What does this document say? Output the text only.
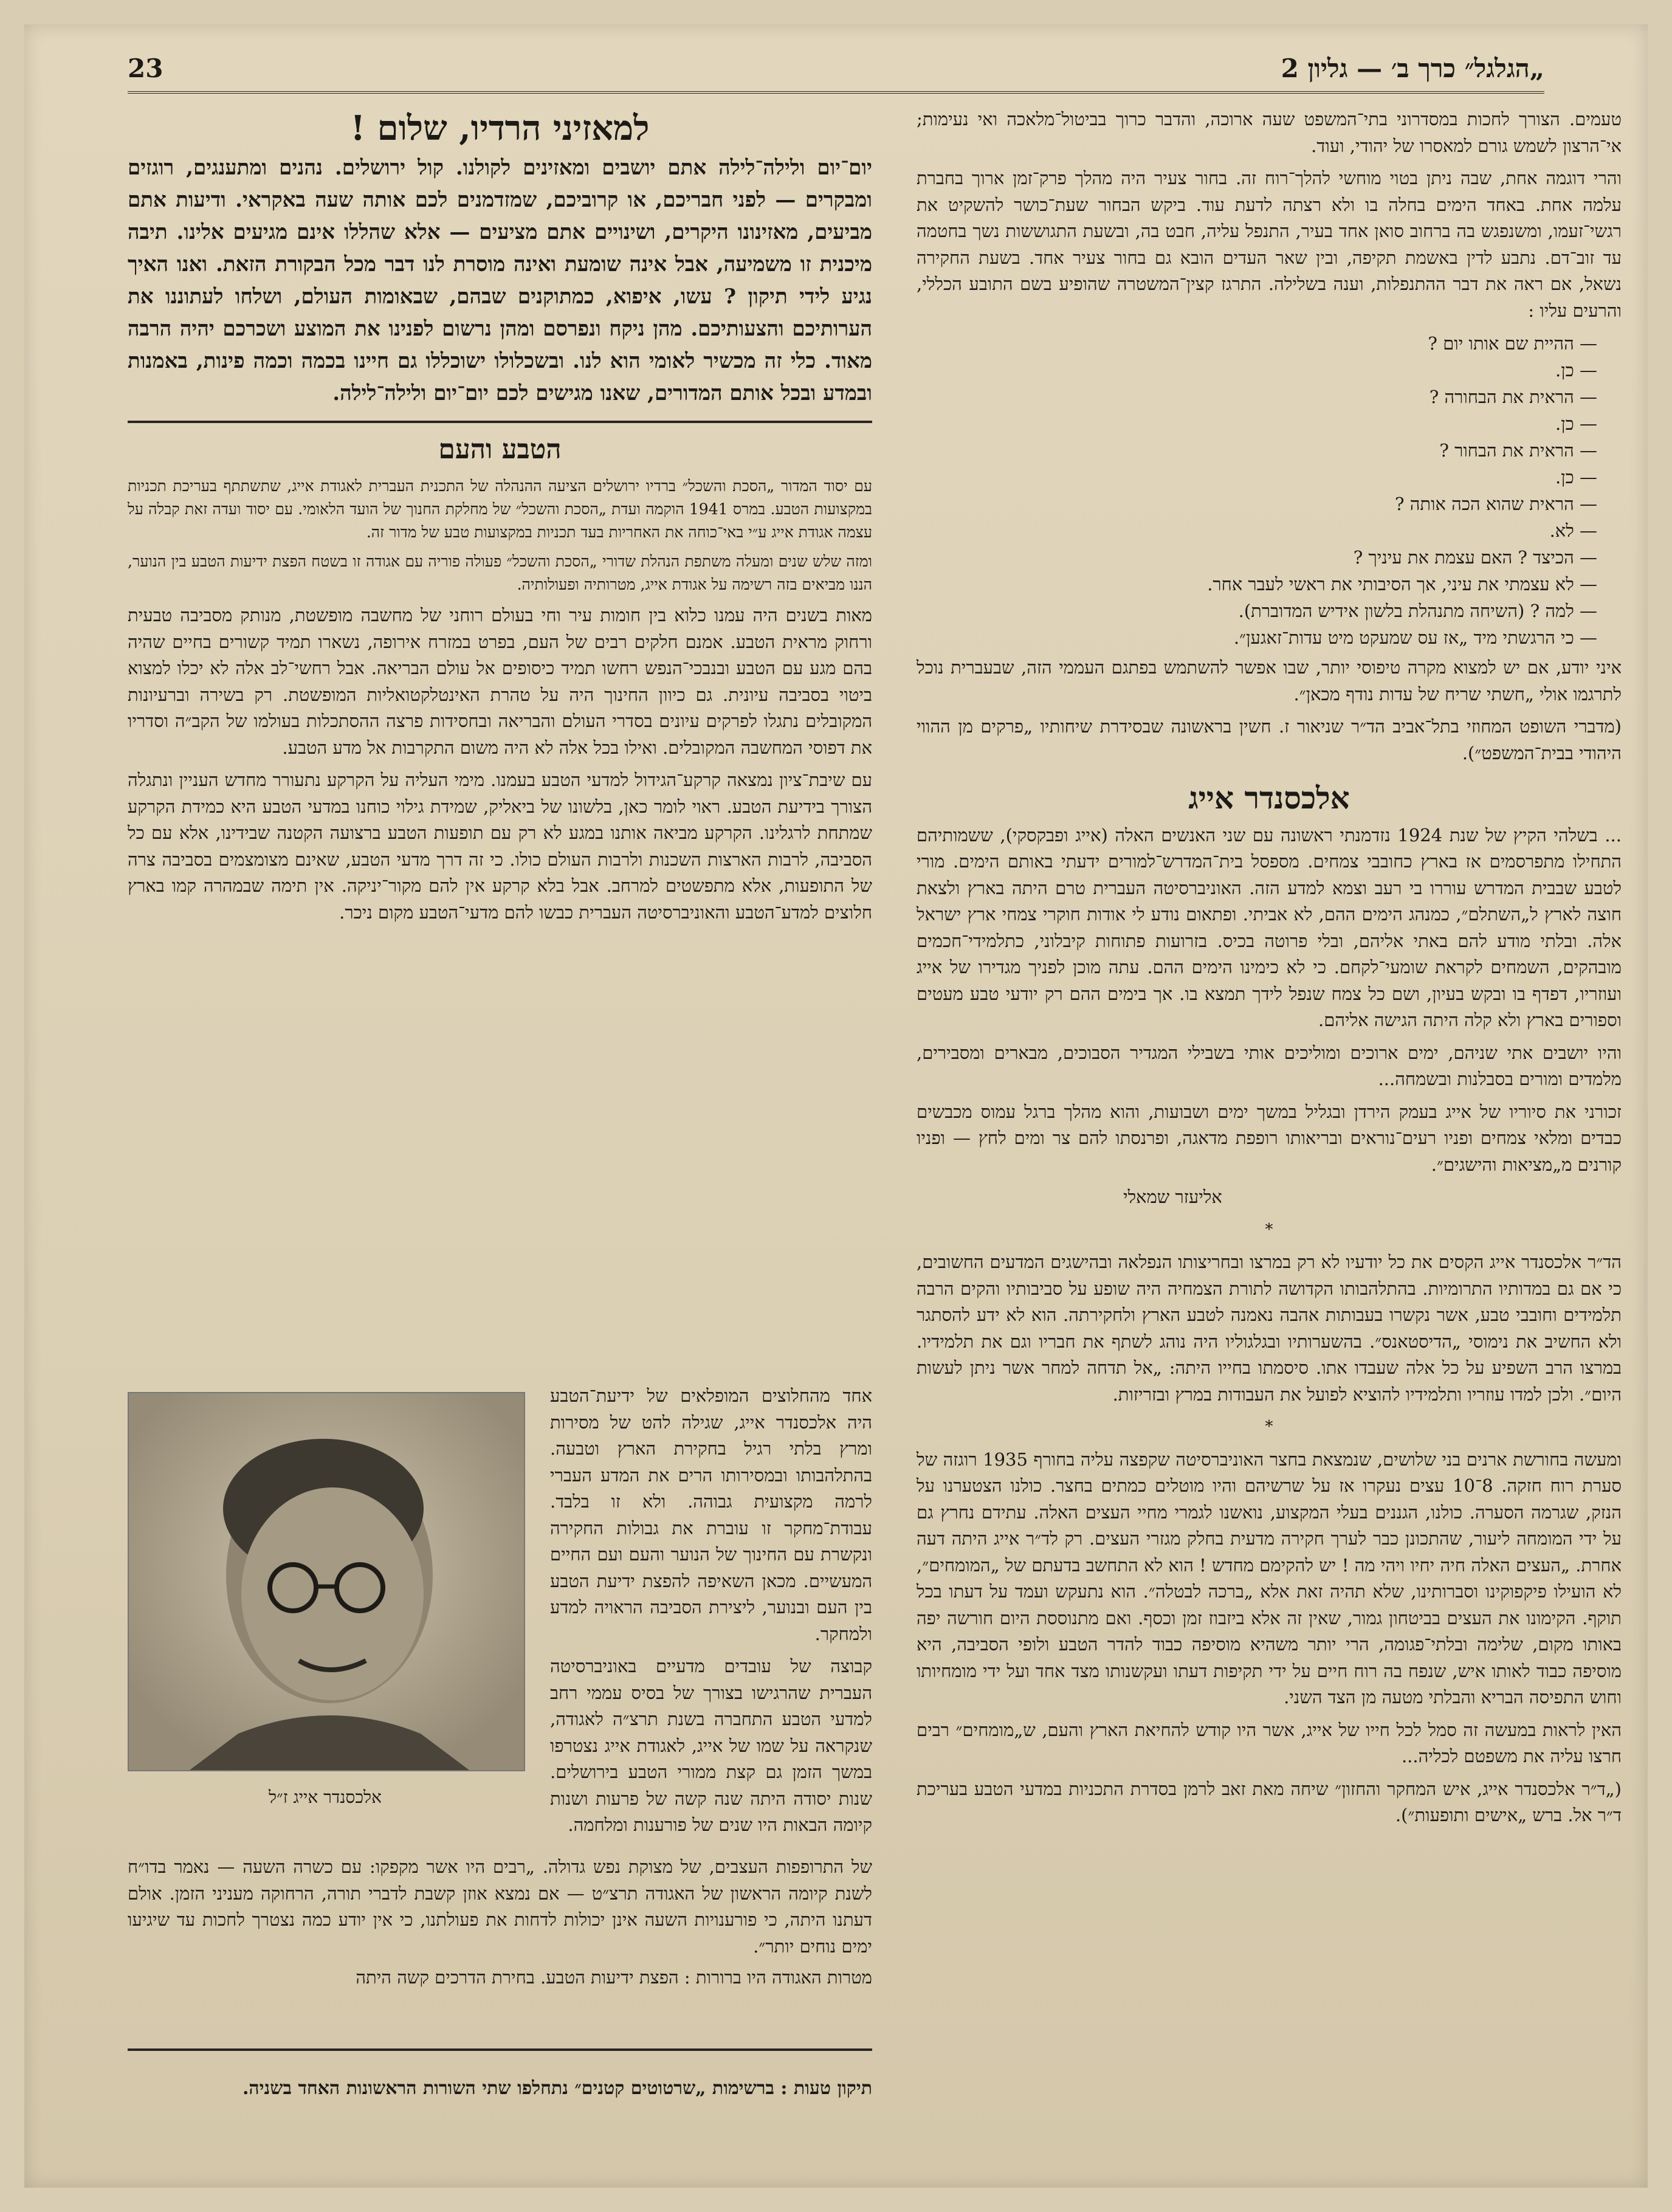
23	„הגלגל״ כרך ב׳ — גליון 2

טעמים. הצורך לחכות במסדרוני בתי־המשפט שעה ארוכה, והדבר כרוך בביטול־מלאכה ואי נעימות; אי־הרצון לשמש גורם למאסרו של יהודי, ועוד.

והרי דוגמה אחת, שבה ניתן בטוי מוחשי להלך־רוח זה. בחור צעיר היה מהלך פרק־זמן ארוך בחברת עלמה אחת. באחד הימים בחלה בו ולא רצתה לדעת עוד. ביקש הבחור שעת־כושר להשקיט את רגשי־זעמו, ומשנפגש בה ברחוב סואן אחד בעיר, התנפל עליה, חבט בה, ובשעת התגוששות נשך בחטמה עד זוב־דם. נתבע לדין באשמת תקיפה, ובין שאר העדים הובא גם בחור צעיר אחד. בשעת החקירה נשאל, אם ראה את דבר ההתנפלות, וענה בשלילה. התרגז קצין־המשטרה שהופיע בשם התובע הכללי, והרעים עליו :

— ההיית שם אותו יום ?
— כן.
— הראית את הבחורה ?
— כן.
— הראית את הבחור ?
— כן.
— הראית שהוא הכה אותה ?
— לא.
— הכיצד ? האם עצמת את עיניך ?
— לא עצמתי את עיני, אך הסיבותי את ראשי לעבר אחר.
— למה ? (השיחה מתנהלת בלשון אידיש המדוברת).
— כי הרגשתי מיד „אז עס שמעקט מיט עדות־זאגען״.

איני יודע, אם יש למצוא מקרה טיפוסי יותר, שבו אפשר להשתמש בפתגם העממי הזה, שבעברית נוכל לתרגמו אולי „חשתי שריח של עדות נודף מכאן״.

(מדברי השופט המחוזי בתל־אביב הד״ר שניאור ז. חשין בראשונה שבסידרת שיחותיו „פרקים מן ההווי היהודי בבית־המשפט״).

אלכסנדר אייג

... בשלהי הקיץ של שנת 1924 נזדמנתי ראשונה עם שני האנשים האלה (אייג ופבקסקי), ששמותיהם התחילו מתפרסמים אז בארץ כחובבי צמחים. מספסל בית־המדרש־למורים ידעתי באותם הימים. מורי לטבע שבבית המדרש עוררו בי רעב וצמא למדע הזה. האוניברסיטה העברית טרם היתה בארץ ולצאת חוצה לארץ ל„השתלם״, כמנהג הימים ההם, לא אביתי. ופתאום נודע לי אודות חוקרי צמחי ארץ ישראל אלה. ובלתי מודע להם באתי אליהם, ובלי פרוטה בכיס. בזרועות פתוחות קיבלוני, כתלמידי־חכמים מובהקים, השמחים לקראת שומעי־לקחם. כי לא כימינו הימים ההם. עתה מוכן לפניך מגדירו של אייג ועוזריו, דפדף בו ובקש בעיון, ושם כל צמח שנפל לידך תמצא בו. אך בימים ההם רק יודעי טבע מעטים וספורים בארץ ולא קלה היתה הגישה אליהם.

והיו יושבים אתי שניהם, ימים ארוכים ומוליכים אותי בשבילי המגדיר הסבוכים, מבארים ומסבירים, מלמדים ומורים בסבלנות ובשמחה...

זכורני את סיוריו של אייג בעמק הירדן ובגליל במשך ימים ושבועות, והוא מהלך ברגל עמוס מכבשים כבדים ומלאי צמחים ופניו רעים־נוראים ובריאותו רופפת מדאגה, ופרנסתו להם צר ומים לחץ — ופניו קורנים מ„מציאות והישגים״.

אליעזר שמאלי
*

הד״ר אלכסנדר אייג הקסים את כל יודעיו לא רק במרצו ובחריצותו הנפלאה ובהישגים המדעים החשובים, כי אם גם במדותיו התרומיות. בהתלהבותו הקדושה לתורת הצמחיה היה שופע על סביבותיו והקים הרבה תלמידים וחובבי טבע, אשר נקשרו בעבותות אהבה נאמנה לטבע הארץ ולחקירתה. הוא לא ידע להסתגר ולא החשיב את נימוסי „הדיסטאנס״. בהשערותיו ובגלגוליו היה נוהג לשתף את חבריו וגם את תלמידיו. במרצו הרב השפיע על כל אלה שעבדו אתו. סיסמתו בחייו היתה: „אל תדחה למחר אשר ניתן לעשות היום״. ולכן למדו עוזריו ותלמידיו להוציא לפועל את העבודות במרץ ובזריזות.

*

ומעשה בחורשת ארנים בני שלושים, שנמצאת בחצר האוניברסיטה שקפצה עליה בחורף 1935 רוגזה של סערת רוח חזקה. 8־10 עצים נעקרו אז על שרשיהם והיו מוטלים כמתים בחצר. כולנו הצטערנו על הנזק, שגרמה הסערה. כולנו, הגננים בעלי המקצוע, נואשנו לגמרי מחיי העצים האלה. עתידם נחרץ גם על ידי המומחה ליעור, שהתכונן כבר לערך חקירה מדעית בחלק מגזרי העצים. רק לד״ר אייג היתה דעה אחרת. „העצים האלה חיה יחיו ויהי מה ! יש להקימם מחדש ! הוא לא התחשב בדעתם של „המומחים״, לא הועילו פיקפוקינו וסברותינו, שלא תהיה זאת אלא „ברכה לבטלה״. הוא נתעקש ועמד על דעתו בכל תוקף. הקימונו את העצים בביטחון גמור, שאין זה אלא ביזבוז זמן וכסף. ואם מתנוססת היום חורשה יפה באותו מקום, שלימה ובלתי־פגומה, הרי יותר משהיא מוסיפה כבוד להדר הטבע ולופי הסביבה, היא מוסיפה כבוד לאותו איש, שנפח בה רוח חיים על ידי תקיפות דעתו ועקשנותו מצד אחד ועל ידי מומחיותו וחוש התפיסה הבריא והבלתי מטעה מן הצד השני.

האין לראות במעשה זה סמל לכל חייו של אייג, אשר היו קודש להחיאת הארץ והעם, ש„מומחים״ רבים חרצו עליה את משפטם לכליה...

(„ד״ר אלכסנדר אייג, איש המחקר והחזון״ שיחה מאת זאב לרמן בסדרת התכניות במדעי הטבע בעריכת ד״ר אל. ברש „אישים ותופעות״).

למאזיני הרדיו, שלום !

יום־יום ולילה־לילה אתם יושבים ומאזינים לקולנו. קול ירושלים. נהנים ומתענגים, רוגזים ומבקרים — לפני חבריכם, או קרוביכם, שמזדמנים לכם אותה שעה באקראי. ודיעות אתם מביעים, מאזינונו היקרים, ושינויים אתם מציעים — אלא שהללו אינם מגיעים אלינו. תיבה מיכנית זו משמיעה, אבל אינה שומעת ואינה מוסרת לנו דבר מכל הבקורת הזאת. ואנו האיך נגיע לידי תיקון ? עשו, איפוא, כמתוקנים שבהם, שבאומות העולם, ושלחו לעתוננו את הערותיכם והצעותיכם. מהן ניקח ונפרסם ומהן נרשום לפנינו את המוצע ושכרכם יהיה הרבה מאוד. כלי זה מכשיר לאומי הוא לנו. ובשכלולו ישוכללו גם חיינו בכמה וכמה פינות, באמנות ובמדע ובכל אותם המדורים, שאנו מגישים לכם יום־יום ולילה־לילה.

הטבע והעם

עם יסוד המדור „הסכת והשכל״ ברדיו ירושלים הציעה ההנהלה של התכנית העברית לאגודת אייג, שתשתתף בעריכת תכניות במקצועות הטבע. במרס 1941 הוקמה ועדת „הסכת והשכל״ של מחלקת החנוך של הועד הלאומי. עם יסוד ועדה זאת קבלה על עצמה אגודת אייג ע״י באי־כוחה את האחריות בעד תכניות במקצועות טבע של מדור זה.

ומזה שלש שנים ומעלה משתפת הנהלת שדורי „הסכת והשכל״ פעולה פוריה עם אגודה זו בשטח הפצת ידיעות הטבע בין הנוער, הננו מביאים בזה רשימה על אגודת אייג, מטרותיה ופעולותיה.

מאות בשנים היה עמנו כלוא בין חומות עיר וחי בעולם רוחני של מחשבה מופשטת, מנותק מסביבה טבעית ורחוק מראית הטבע. אמנם חלקים רבים של העם, בפרט במזרח אירופה, נשארו תמיד קשורים בחיים שהיה בהם מגע עם הטבע ובנבכי־הנפש רחשו תמיד כיסופים אל עולם הבריאה. אבל רחשי־לב אלה לא יכלו למצוא ביטוי בסביבה עיונית. גם כיוון החינוך היה על טהרת האינטלקטואליות המופשטת. רק בשירה וברעיונות המקובלים נתגלו לפרקים עיונים בסדרי העולם והבריאה ובחסידות פרצה ההסתכלות בעולמו של הקב״ה וסדריו את דפוסי המחשבה המקובלים. ואילו בכל אלה לא היה משום התקרבות אל מדע הטבע.

עם שיבת־ציון נמצאה קרקע־הגידול למדעי הטבע בעמנו. מימי העליה על הקרקע נתעורר מחדש העניין ונתגלה הצורך בידיעת הטבע. ראוי לומר כאן, בלשונו של ביאליק, שמידת גילוי כוחנו במדעי הטבע היא כמידת הקרקע שמתחת לרגלינו. הקרקע מביאה אותנו במגע לא רק עם תופעות הטבע ברצועה הקטנה שבידינו, אלא עם כל הסביבה, לרבות הארצות השכנות ולרבות העולם כולו. כי זה דרך מדעי הטבע, שאינם מצומצמים בסביבה צרה של התופעות, אלא מתפשטים למרחב. אבל בלא קרקע אין להם מקור־יניקה. אין תימה שבמהרה קמו בארץ חלוצים למדע־הטבע והאוניברסיטה העברית כבשו להם מדעי־הטבע מקום ניכר.

אלכסנדר אייג ז״ל

אחד מהחלוצים המופלאים של ידיעת־הטבע היה אלכסנדר אייג, שגילה להט של מסירות ומרץ בלתי רגיל בחקירת הארץ וטבעה. בהתלהבותו ובמסירותו הרים את המדע העברי לרמה מקצועית גבוהה. ולא זו בלבד. עבודת־מחקר זו עוברת את גבולות החקירה ונקשרת עם החינוך של הנוער והעם ועם החיים המעשיים. מכאן השאיפה להפצת ידיעת הטבע בין העם ובנוער, ליצירת הסביבה הראויה למדע ולמחקר.

קבוצה של עובדים מדעיים באוניברסיטה העברית שהרגישו בצורך של בסיס עממי רחב למדעי הטבע התחברה בשנת תרצ״ה לאגודה, שנקראה על שמו של אייג, לאגודת אייג נצטרפו במשך הזמן גם קצת ממורי הטבע בירושלים. שנות יסודה היתה שנה קשה של פרעות ושנות קיומה הבאות היו שנים של פורענות ומלחמה.

של התרופפות העצבים, של מצוקת נפש גדולה. „רבים היו אשר מקפקו: עם כשרה השעה — נאמר בדו״ח לשנת קיומה הראשון של האגודה תרצ״ט — אם נמצא אוזן קשבת לדברי תורה, הרחוקה מעניני הזמן. אולם דעתנו היתה, כי פורענויות השעה אינן יכולות לדחות את פעולתנו, כי אין יודע כמה נצטרך לחכות עד שיגיעו ימים נוחים יותר״.

מטרות האגודה היו ברורות : הפצת ידיעות הטבע. בחירת הדרכים קשה היתה

תיקון טעות : ברשימות „שרטוטים קטנים״ נתחלפו שתי השורות הראשונות האחד בשניה.
